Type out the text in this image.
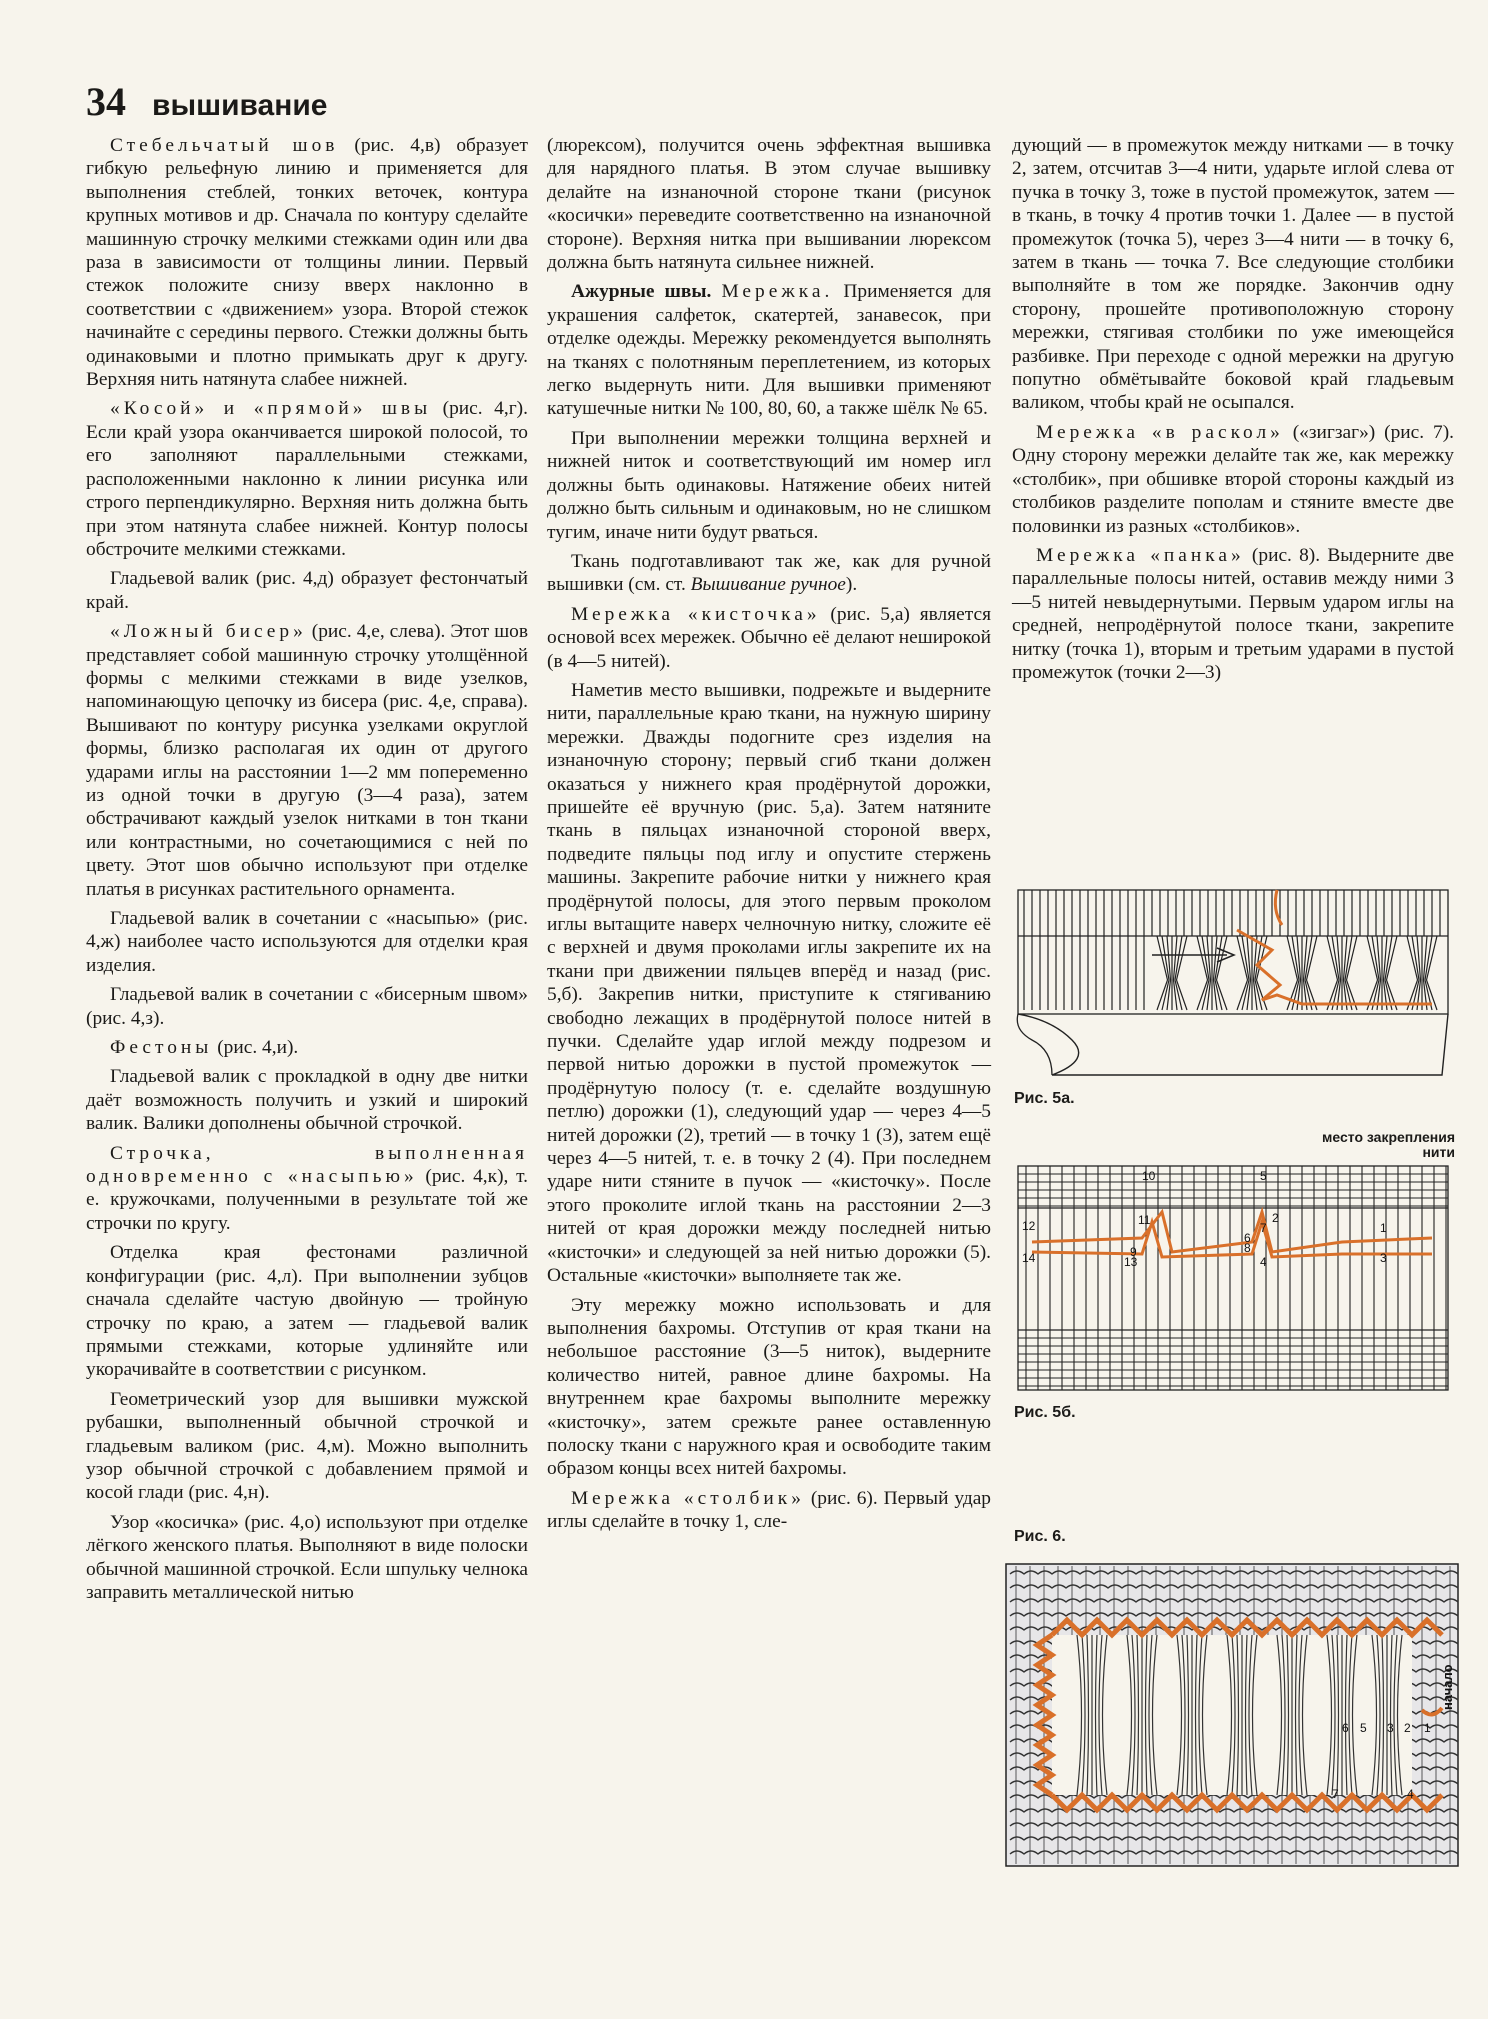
34 вышивание

Стебельчатый шов (рис. 4,в) образует гибкую рельефную линию и применяется для выполнения стеблей, тонких веточек, контура крупных мотивов и др. Сначала по контуру сделайте машинную строчку мелкими стежками один или два раза в зависимости от толщины линии. Первый стежок положите снизу вверх наклонно в соответствии с «движением» узора. Второй стежок начинайте с середины первого. Стежки должны быть одинаковыми и плотно примыкать друг к другу. Верхняя нить натянута слабее нижней.

«Косой» и «прямой» швы (рис. 4,г). Если край узора оканчивается широкой полосой, то его заполняют параллельными стежками, расположенными наклонно к линии рисунка или строго перпендикулярно. Верхняя нить должна быть при этом натянута слабее нижней. Контур полосы обстрочите мелкими стежками.

Гладьевой валик (рис. 4,д) образует фестончатый край.

«Ложный бисер» (рис. 4,е, слева). Этот шов представляет собой машинную строчку утолщённой формы с мелкими стежками в виде узелков, напоминающую цепочку из бисера (рис. 4,е, справа). Вышивают по контуру рисунка узелками округлой формы, близко располагая их один от другого ударами иглы на расстоянии 1—2 мм попеременно из одной точки в другую (3—4 раза), затем обстрачивают каждый узелок нитками в тон ткани или контрастными, но сочетающимися с ней по цвету. Этот шов обычно используют при отделке платья в рисунках растительного орнамента.

Гладьевой валик в сочетании с «насыпью» (рис. 4,ж) наиболее часто используются для отделки края изделия.

Гладьевой валик в сочетании с «бисерным швом» (рис. 4,з).

Фестоны (рис. 4,и).

Гладьевой валик с прокладкой в одну две нитки даёт возможность получить и узкий и широкий валик. Валики дополнены обычной строчкой.

Строчка, выполненная одновременно с «насыпью» (рис. 4,к), т. е. кружочками, полученными в результате той же строчки по кругу.

Отделка края фестонами различной конфигурации (рис. 4,л). При выполнении зубцов сначала сделайте частую двойную — тройную строчку по краю, а затем — гладьевой валик прямыми стежками, которые удлиняйте или укорачивайте в соответствии с рисунком.

Геометрический узор для вышивки мужской рубашки, выполненный обычной строчкой и гладьевым валиком (рис. 4,м). Можно выполнить узор обычной строчкой с добавлением прямой и косой глади (рис. 4,н).

Узор «косичка» (рис. 4,о) используют при отделке лёгкого женского платья. Выполняют в виде полоски обычной машинной строчкой. Если шпульку челнока заправить металлической нитью

(люрексом), получится очень эффектная вышивка для нарядного платья. В этом случае вышивку делайте на изнаночной стороне ткани (рисунок «косички» переведите соответственно на изнаночной стороне). Верхняя нитка при вышивании люрексом должна быть натянута сильнее нижней.

Ажурные швы. Мережка. Применяется для украшения салфеток, скатертей, занавесок, при отделке одежды. Мережку рекомендуется выполнять на тканях с полотняным переплетением, из которых легко выдернуть нити. Для вышивки применяют катушечные нитки № 100, 80, 60, а также шёлк № 65.

При выполнении мережки толщина верхней и нижней ниток и соответствующий им номер игл должны быть одинаковы. Натяжение обеих нитей должно быть сильным и одинаковым, но не слишком тугим, иначе нити будут рваться.

Ткань подготавливают так же, как для ручной вышивки (см. ст. Вышивание ручное).

Мережка «кисточка» (рис. 5,а) является основой всех мережек. Обычно её делают неширокой (в 4—5 нитей).

Наметив место вышивки, подрежьте и выдерните нити, параллельные краю ткани, на нужную ширину мережки. Дважды подогните срез изделия на изнаночную сторону; первый сгиб ткани должен оказаться у нижнего края продёрнутой дорожки, пришейте её вручную (рис. 5,а). Затем натяните ткань в пяльцах изнаночной стороной вверх, подведите пяльцы под иглу и опустите стержень машины. Закрепите рабочие нитки у нижнего края продёрнутой полосы, для этого первым проколом иглы вытащите наверх челночную нитку, сложите её с верхней и двумя проколами иглы закрепите их на ткани при движении пяльцев вперёд и назад (рис. 5,б). Закрепив нитки, приступите к стягиванию свободно лежащих в продёрнутой полосе нитей в пучки. Сделайте удар иглой между подрезом и первой нитью дорожки в пустой промежуток — продёрнутую полосу (т. е. сделайте воздушную петлю) дорожки (1), следующий удар — через 4—5 нитей дорожки (2), третий — в точку 1 (3), затем ещё через 4—5 нитей, т. е. в точку 2 (4). При последнем ударе нити стяните в пучок — «кисточку». После этого проколите иглой ткань на расстоянии 2—3 нитей от края дорожки между последней нитью «кисточки» и следующей за ней нитью дорожки (5). Остальные «кисточки» выполняете так же.

Эту мережку можно использовать и для выполнения бахромы. Отступив от края ткани на небольшое расстояние (3—5 ниток), выдерните количество нитей, равное длине бахромы. На внутреннем крае бахромы выполните мережку «кисточку», затем срежьте ранее оставленную полоску ткани с наружного края и освободите таким образом концы всех нитей бахромы.

Мережка «столбик» (рис. 6). Первый удар иглы сделайте в точку 1, сле-

дующий — в промежуток между нитками — в точку 2, затем, отсчитав 3—4 нити, ударьте иглой слева от пучка в точку 3, тоже в пустой промежуток, затем — в ткань, в точку 4 против точки 1. Далее — в пустой промежуток (точка 5), через 3—4 нити — в точку 6, затем в ткань — точка 7. Все следующие столбики выполняйте в том же порядке. Закончив одну сторону, прошейте противоположную сторону мережки, стягивая столбики по уже имеющейся разбивке. При переходе с одной мережки на другую попутно обмётывайте боковой край гладьевым валиком, чтобы край не осыпался.

Мережка «в раскол» («зигзаг») (рис. 7). Одну сторону мережки делайте так же, как мережку «столбик», при обшивке второй стороны каждый из столбиков разделите пополам и стяните вместе две половинки из разных «столбиков».

Мережка «панка» (рис. 8). Выдерните две параллельные полосы нитей, оставив между ними 3—5 нитей невыдернутыми. Первым ударом иглы на средней, непродёрнутой полосе ткани, закрепите нитку (точка 1), вторым и третьим ударами в пустой промежуток (точки 2—3)

Рис. 5а.
место закрепления нити
10	5
12
14
11
9
13
6
8
4
7
2
1
3
Рис. 5б.
Рис. 6.
начало
6 5 3 2 1
4
7
